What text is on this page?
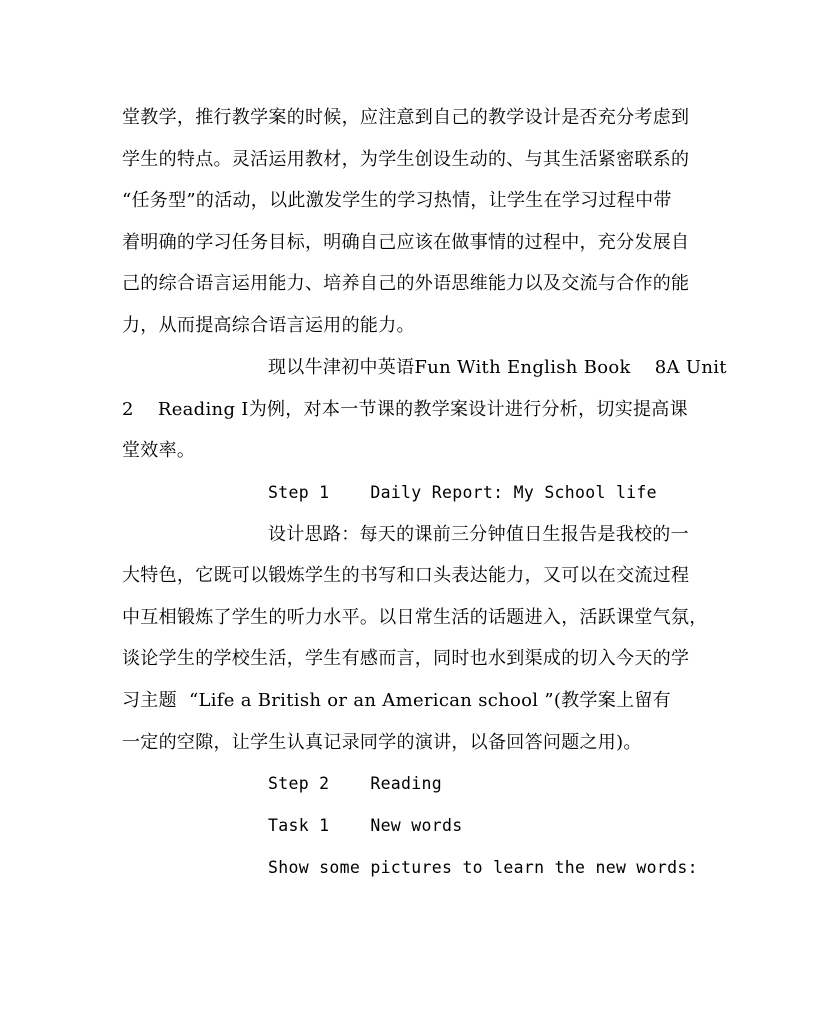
堂教学，推行教学案的时候，应注意到自己的教学设计是否充分考虑到
学生的特点。灵活运用教材，为学生创设生动的、与其生活紧密联系的
“任务型”的活动，以此激发学生的学习热情，让学生在学习过程中带
着明确的学习任务目标，明确自己应该在做事情的过程中，充分发展自
己的综合语言运用能力、培养自己的外语思维能力以及交流与合作的能
力，从而提高综合语言运用的能力。
现以牛津初中英语Fun With English Book    8A Unit
2    Reading I为例，对本一节课的教学案设计进行分析，切实提高课
堂效率。
Step 1    Daily Report: My School life
设计思路：每天的课前三分钟值日生报告是我校的一
大特色，它既可以锻炼学生的书写和口头表达能力，又可以在交流过程
中互相锻炼了学生的听力水平。以日常生活的话题进入，活跃课堂气氛，
谈论学生的学校生活，学生有感而言，同时也水到渠成的切入今天的学
习主题  “Life a British or an American school ”(教学案上留有
一定的空隙，让学生认真记录同学的演讲，以备回答问题之用)。
Step 2    Reading
Task 1    New words
Show some pictures to learn the new words:
